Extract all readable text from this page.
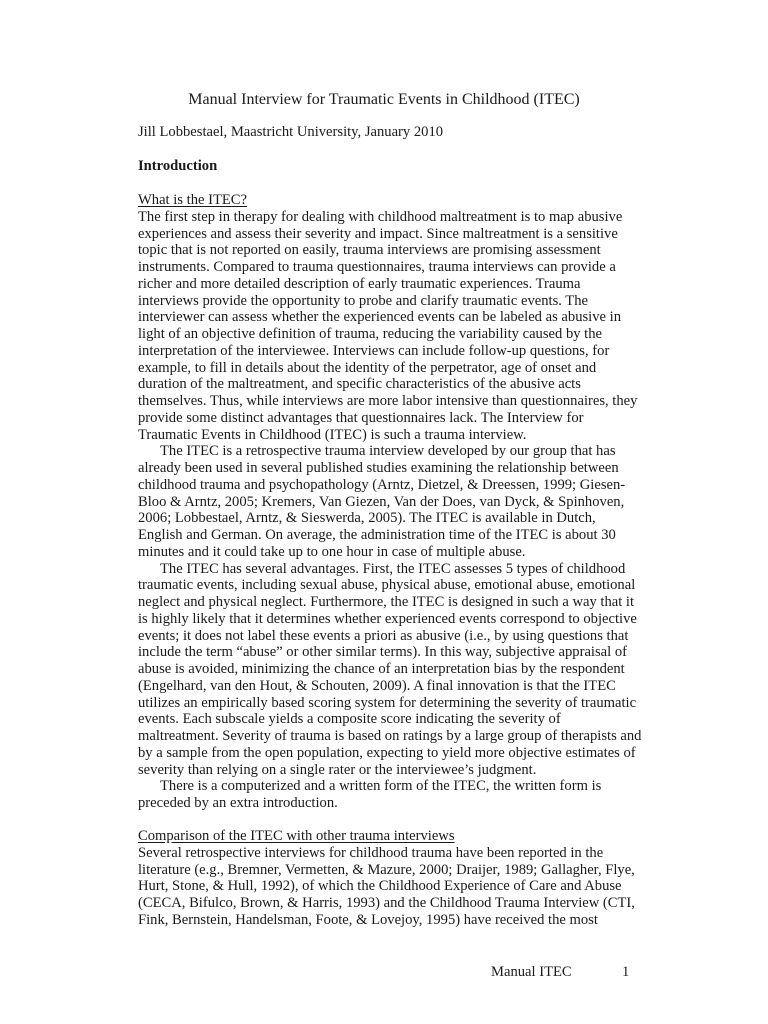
Manual Interview for Traumatic Events in Childhood (ITEC)
Jill Lobbestael, Maastricht University, January 2010
Introduction
What is the ITEC?
The first step in therapy for dealing with childhood maltreatment is to map abusive
experiences and assess their severity and impact. Since maltreatment is a sensitive
topic that is not reported on easily, trauma interviews are promising assessment
instruments. Compared to trauma questionnaires, trauma interviews can provide a
richer and more detailed description of early traumatic experiences. Trauma
interviews provide the opportunity to probe and clarify traumatic events. The
interviewer can assess whether the experienced events can be labeled as abusive in
light of an objective definition of trauma, reducing the variability caused by the
interpretation of the interviewee. Interviews can include follow-up questions, for
example, to fill in details about the identity of the perpetrator, age of onset and
duration of the maltreatment, and specific characteristics of the abusive acts
themselves. Thus, while interviews are more labor intensive than questionnaires, they
provide some distinct advantages that questionnaires lack. The Interview for
Traumatic Events in Childhood (ITEC) is such a trauma interview.
The ITEC is a retrospective trauma interview developed by our group that has
already been used in several published studies examining the relationship between
childhood trauma and psychopathology (Arntz, Dietzel, & Dreessen, 1999; Giesen-
Bloo & Arntz, 2005; Kremers, Van Giezen, Van der Does, van Dyck, & Spinhoven,
2006; Lobbestael, Arntz, & Sieswerda, 2005). The ITEC is available in Dutch,
English and German. On average, the administration time of the ITEC is about 30
minutes and it could take up to one hour in case of multiple abuse.
The ITEC has several advantages. First, the ITEC assesses 5 types of childhood
traumatic events, including sexual abuse, physical abuse, emotional abuse, emotional
neglect and physical neglect. Furthermore, the ITEC is designed in such a way that it
is highly likely that it determines whether experienced events correspond to objective
events; it does not label these events a priori as abusive (i.e., by using questions that
include the term “abuse” or other similar terms). In this way, subjective appraisal of
abuse is avoided, minimizing the chance of an interpretation bias by the respondent
(Engelhard, van den Hout, & Schouten, 2009). A final innovation is that the ITEC
utilizes an empirically based scoring system for determining the severity of traumatic
events. Each subscale yields a composite score indicating the severity of
maltreatment. Severity of trauma is based on ratings by a large group of therapists and
by a sample from the open population, expecting to yield more objective estimates of
severity than relying on a single rater or the interviewee’s judgment.
There is a computerized and a written form of the ITEC, the written form is
preceded by an extra introduction.
Comparison of the ITEC with other trauma interviews
Several retrospective interviews for childhood trauma have been reported in the
literature (e.g., Bremner, Vermetten, & Mazure, 2000; Draijer, 1989; Gallagher, Flye,
Hurt, Stone, & Hull, 1992), of which the Childhood Experience of Care and Abuse
(CECA, Bifulco, Brown, & Harris, 1993) and the Childhood Trauma Interview (CTI,
Fink, Bernstein, Handelsman, Foote, & Lovejoy, 1995) have received the most
Manual ITEC	1
